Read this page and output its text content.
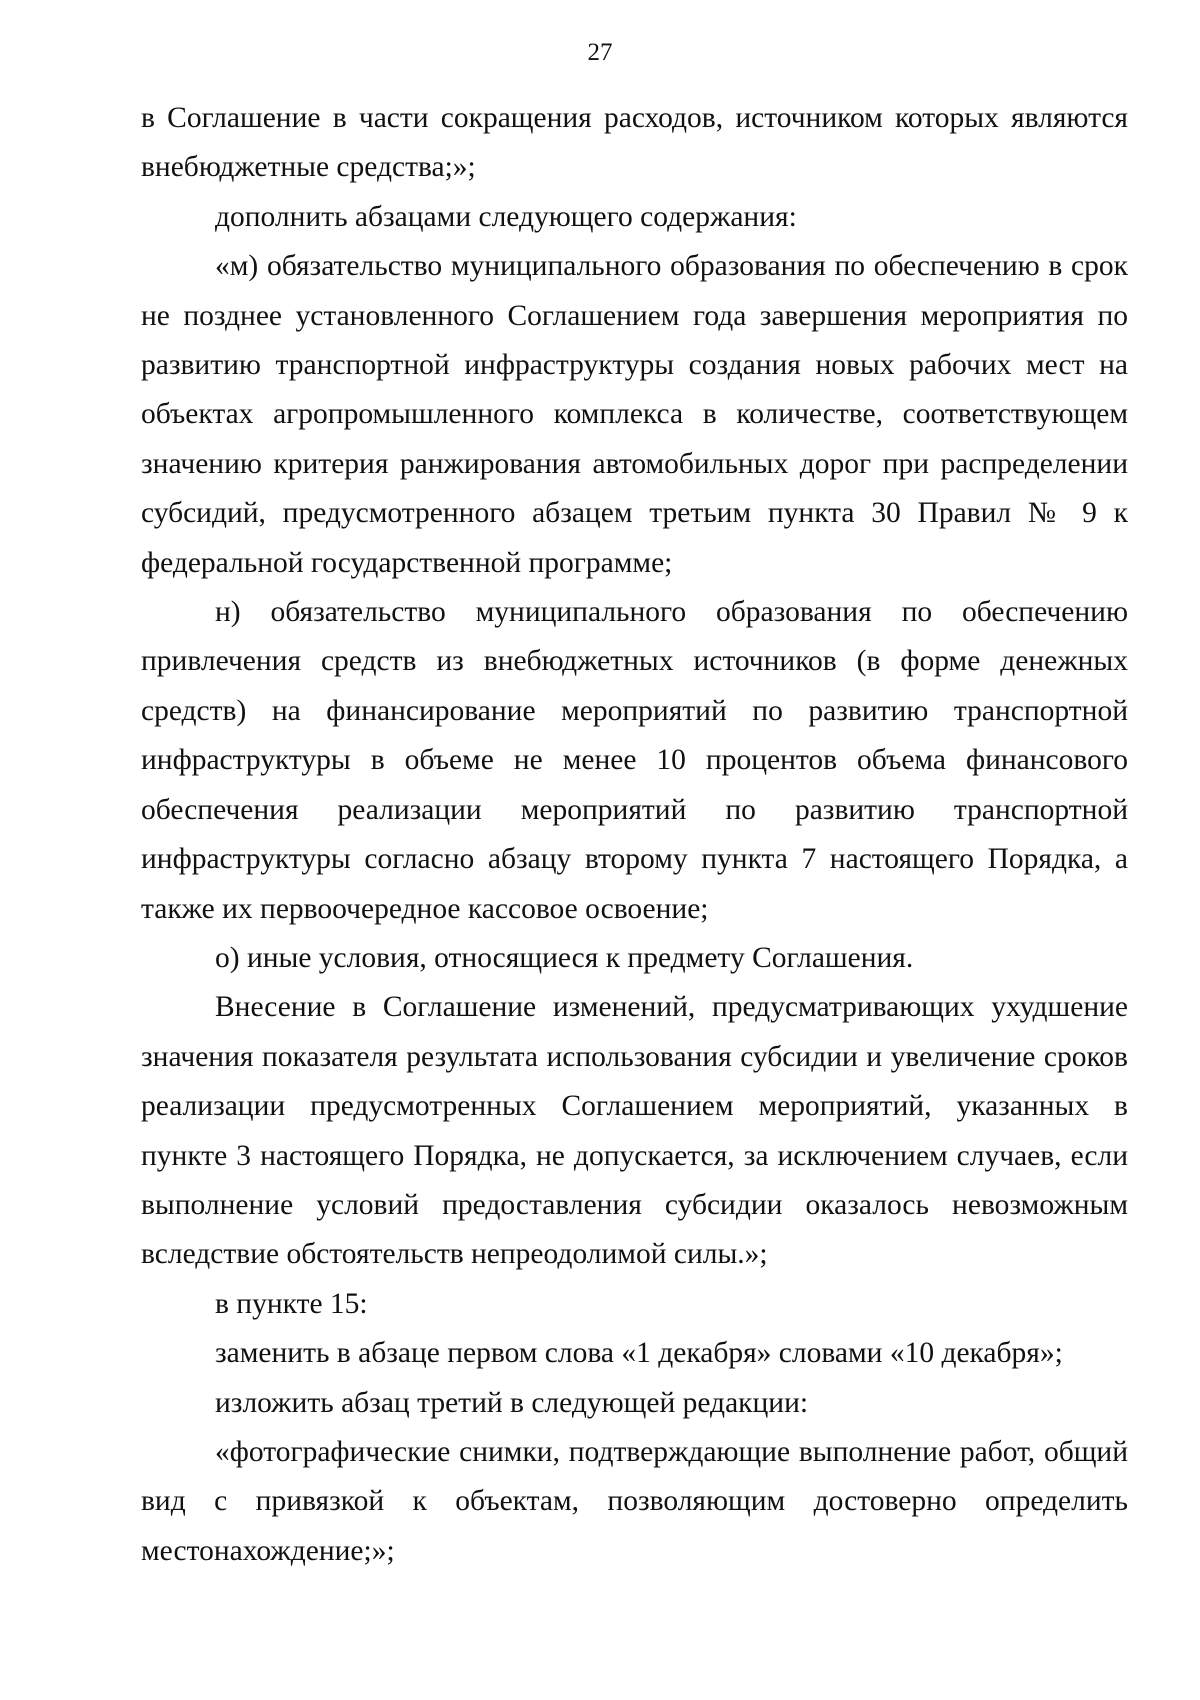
27

в Соглашение в части сокращения расходов, источником которых являются внебюджетные средства;»;

дополнить абзацами следующего содержания:

«м) обязательство муниципального образования по обеспечению в срок не позднее установленного Соглашением года завершения мероприятия по развитию транспортной инфраструктуры создания новых рабочих мест на объектах агропромышленного комплекса в количестве, соответствующем значению критерия ранжирования автомобильных дорог при распределении субсидий, предусмотренного абзацем третьим пункта 30 Правил № 9 к федеральной государственной программе;

н) обязательство муниципального образования по обеспечению привлечения средств из внебюджетных источников (в форме денежных средств) на финансирование мероприятий по развитию транспортной инфраструктуры в объеме не менее 10 процентов объема финансового обеспечения реализации мероприятий по развитию транспортной инфраструктуры согласно абзацу второму пункта 7 настоящего Порядка, а также их первоочередное кассовое освоение;

о) иные условия, относящиеся к предмету Соглашения.

Внесение в Соглашение изменений, предусматривающих ухудшение значения показателя результата использования субсидии и увеличение сроков реализации предусмотренных Соглашением мероприятий, указанных в пункте 3 настоящего Порядка, не допускается, за исключением случаев, если выполнение условий предоставления субсидии оказалось невозможным вследствие обстоятельств непреодолимой силы.»;

в пункте 15:

заменить в абзаце первом слова «1 декабря» словами «10 декабря»;

изложить абзац третий в следующей редакции:

«фотографические снимки, подтверждающие выполнение работ, общий вид с привязкой к объектам, позволяющим достоверно определить местонахождение;»;
